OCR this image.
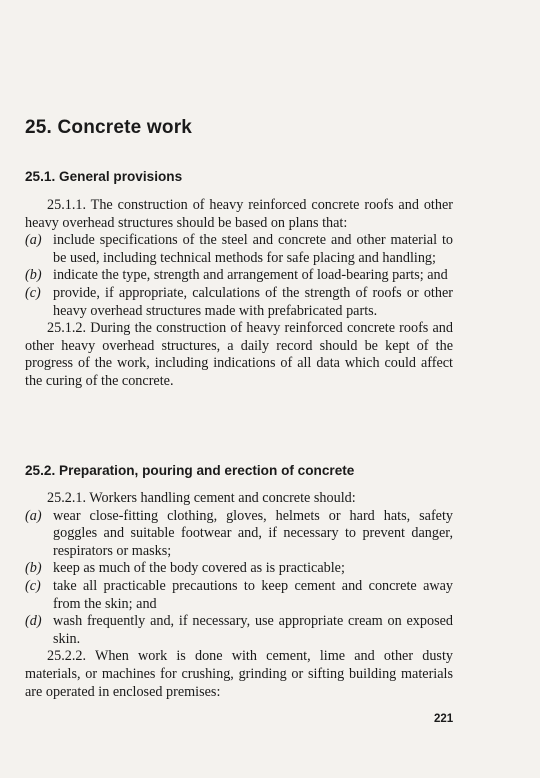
25. Concrete work
25.1. General provisions

25.1.1. The construction of heavy reinforced concrete roofs and other heavy overhead structures should be based on plans that:

(a) include specifications of the steel and concrete and other material to be used, including technical methods for safe placing and handling;
(b) indicate the type, strength and arrangement of load-bearing parts; and
(c) provide, if appropriate, calculations of the strength of roofs or other heavy overhead structures made with prefabricated parts.

25.1.2. During the construction of heavy reinforced concrete roofs and other heavy overhead structures, a daily record should be kept of the progress of the work, including indications of all data which could affect the curing of the concrete.

25.2. Preparation, pouring and erection of concrete

25.2.1. Workers handling cement and concrete should:

(a) wear close-fitting clothing, gloves, helmets or hard hats, safety goggles and suitable footwear and, if necessary to prevent danger, respirators or masks;
(b) keep as much of the body covered as is practicable;
(c) take all practicable precautions to keep cement and concrete away from the skin; and
(d) wash frequently and, if necessary, use appropriate cream on exposed skin.

25.2.2. When work is done with cement, lime and other dusty materials, or machines for crushing, grinding or sifting building materials are operated in enclosed premises:

221
